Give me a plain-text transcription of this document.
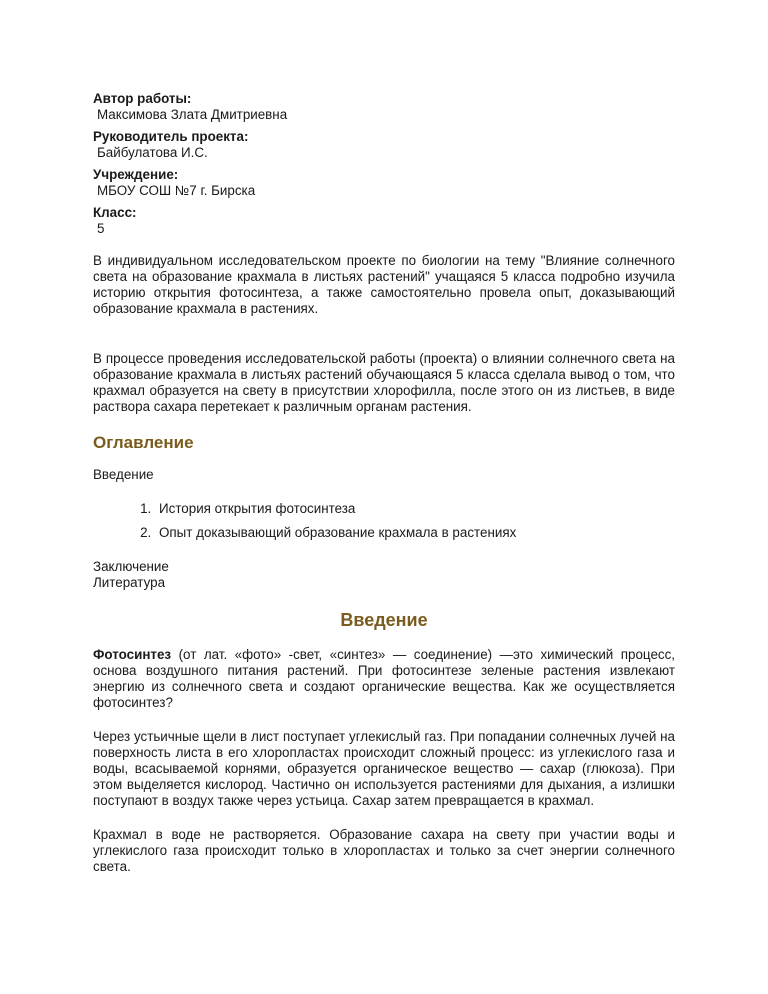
Автор работы:

Максимова Злата Дмитриевна

Руководитель проекта:

Байбулатова И.С.

Учреждение:

МБОУ СОШ №7 г. Бирска

Класс:

5

В индивидуальном исследовательском проекте по биологии на тему "Влияние солнечного света на образование крахмала в листьях растений" учащаяся 5 класса подробно изучила историю открытия фотосинтеза, а также самостоятельно провела опыт, доказывающий образование крахмала в растениях.

В процессе проведения исследовательской работы (проекта) о влиянии солнечного света на образование крахмала в листьях растений обучающаяся 5 класса сделала вывод о том, что крахмал образуется на свету в присутствии хлорофилла, после этого он из листьев, в виде раствора сахара перетекает к различным органам растения.

Оглавление

Введение

1. История открытия фотосинтеза
2. Опыт доказывающий образование крахмала в растениях

Заключение

Литература

Введение

Фотосинтез (от лат. «фото» -свет, «синтез» — соединение) —это химический процесс, основа воздушного питания растений. При фотосинтезе зеленые растения извлекают энергию из солнечного света и создают органические вещества. Как же осуществляется фотосинтез?

Через устьичные щели в лист поступает углекислый газ. При попадании солнечных лучей на поверхность листа в его хлоропластах происходит сложный процесс: из углекислого газа и воды, всасываемой корнями, образуется органическое вещество — сахар (глюкоза). При этом выделяется кислород. Частично он используется растениями для дыхания, а излишки поступают в воздух также через устьица. Сахар затем превращается в крахмал.

Крахмал в воде не растворяется. Образование сахара на свету при участии воды и углекислого газа происходит только в хлоропластах и только за счет энергии солнечного света.
